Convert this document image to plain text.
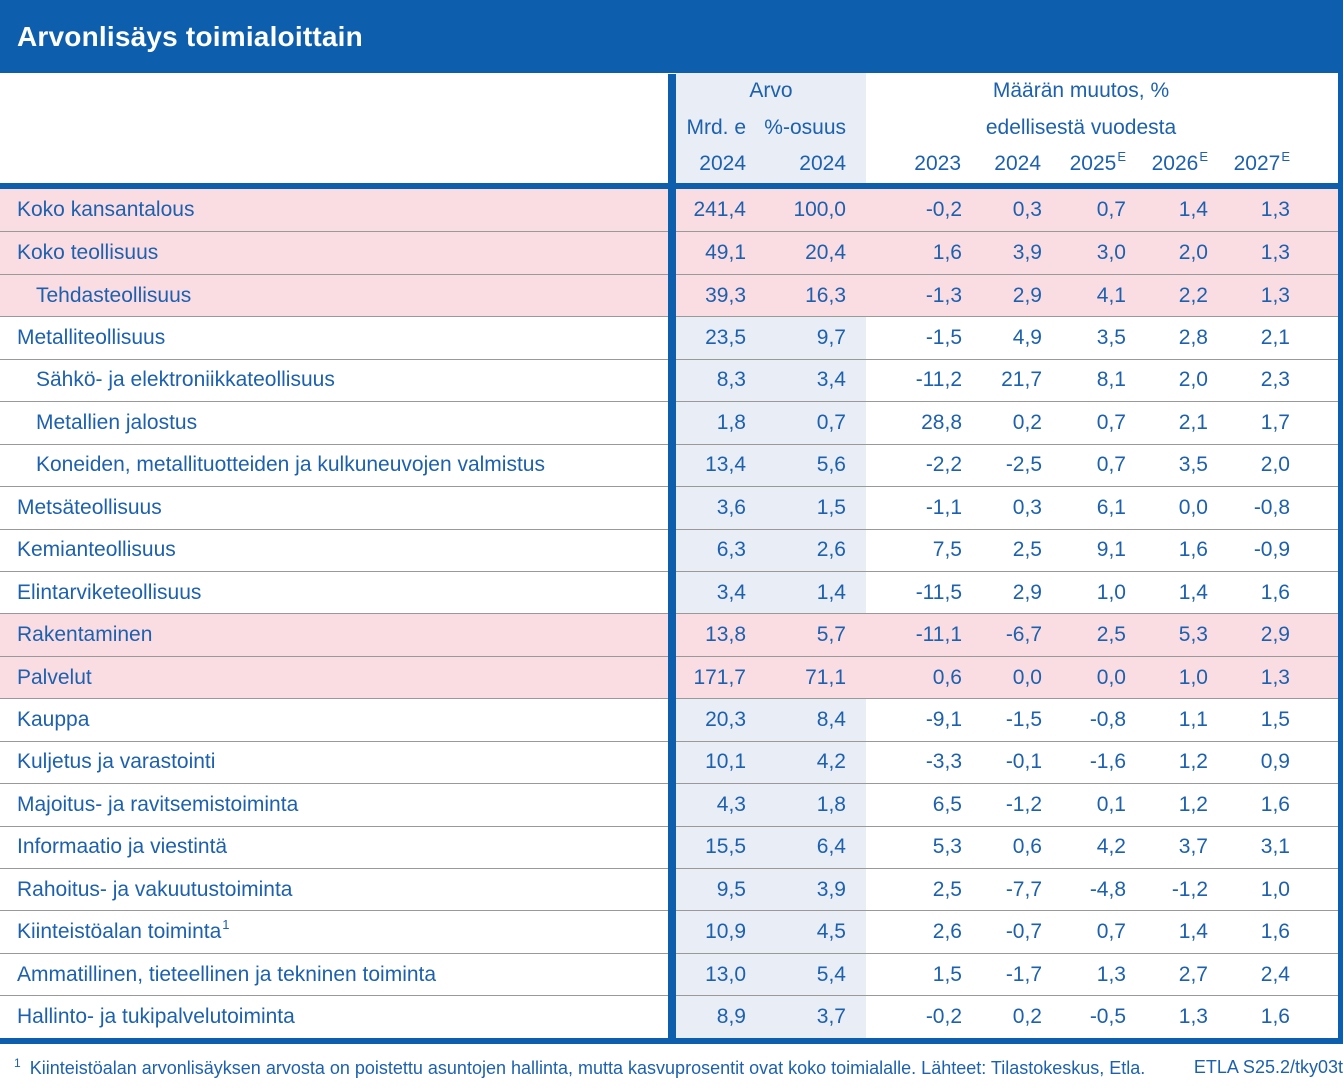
Arvonlisäys toimialoittain
Arvo	Määrän muutos, %
Mrd. e %-osuus	edellisestä vuodesta
2024	2024	2023 2024 $2025^E$ $2026^E$ $2027^E$
Koko kansantalous	241,4	100,0	-0,2	0,3	0,7	1,4	1,3
Koko teollisuus	49,1	20,4	1,6	3,9	3,0	2,0	1,3
Tehdasteollisuus	39,3	16,3	-1,3	2,9	4,1	2,2	1,3
Metalliteollisuus	23,5	9,7	-1,5	4,9	3,5	2,8	2,1
Sähkö- ja elektroniikkateollisuus	8,3	3,4	-11,2	21,7	8,1	2,0	2,3
Metallien jalostus	1,8	0,7	28,8	0,2	0,7	2,1	1,7
Koneiden, metallituotteiden ja kulkuneuvojen valmistus	13,4	5,6	-2,2	-2,5	0,7	3,5	2,0
Metsäteollisuus	3,6	1,5	-1,1	0,3	6,1	0,0	-0,8
Kemianteollisuus	6,3	2,6	7,5	2,5	9,1	1,6	-0,9
Elintarviketeollisuus	3,4	1,4	-11,5	2,9	1,0	1,4	1,6
Rakentaminen	13,8	5,7	-11,1	-6,7	2,5	5,3	2,9
Palvelut	171,7	71,1	0,6	0,0	0,0	1,0	1,3
Kauppa	20,3	8,4	-9,1	-1,5	-0,8	1,1	1,5
Kuljetus ja varastointi	10,1	4,2	-3,3	-0,1	-1,6	1,2	0,9
Majoitus- ja ravitsemistoiminta	4,3	1,8	6,5	-1,2	0,1	1,2	1,6
Informaatio ja viestintä	15,5	6,4	5,3	0,6	4,2	3,7	3,1
Rahoitus- ja vakuutustoiminta	9,5	3,9	2,5	-7,7	-4,8	-1,2	1,0
Kiinteistöalan toiminta 1	10,9	4,5	2,6	-0,7	0,7	1,4	1,6
Ammatillinen, tieteellinen ja tekninen toiminta	13,0	5,4	1,5	-1,7	1,3	2,7	2,4
Hallinto- ja tukipalvelutoiminta	8,9	3,7	-0,2	0,2	-0,5	1,3	1,6
$^1$ Kiinteistöalan arvonlisäyksen arvosta on poistettu asuntojen hallinta, mutta kasvuprosentit ovat koko toimialalle. Lähteet: Tilastokeskus, Etla.	ETLA S25.2/tky03t
